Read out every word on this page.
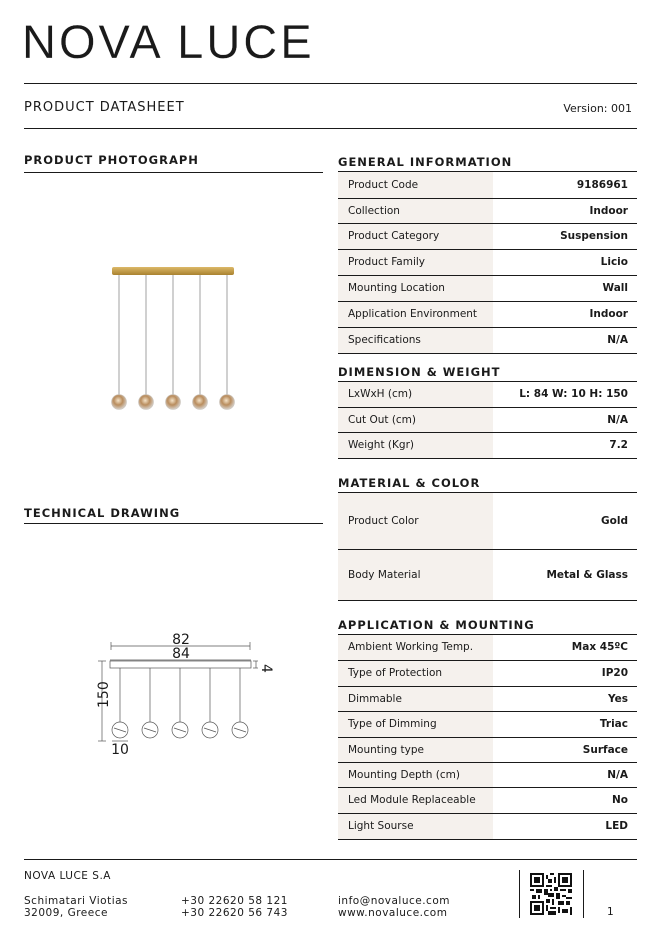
NOVA LUCE
PRODUCT DATASHEET	Version: 001
PRODUCT PHOTOGRAPH
TECHNICAL DRAWING
82
84
4
150
10
GENERAL INFORMATION
Product Code	9186961
Collection	Indoor
Product Category	Suspension
Product Family	Licio
Mounting Location	Wall
Application Environment	Indoor
Specifications	N/A
DIMENSION & WEIGHT
LxWxH (cm)	L: 84 W: 10 H: 150
Cut Out (cm)	N/A
Weight (Kgr)	7.2
MATERIAL & COLOR
Product Color	Gold
Body Material	Metal & Glass
APPLICATION & MOUNTING
Ambient Working Temp.	Max 45ºC
Type of Protection	IP20
Dimmable	Yes
Type of Dimming	Triac
Mounting type	Surface
Mounting Depth (cm)	N/A
Led Module Replaceable	No
Light Sourse	LED
NOVA LUCE S.A
Schimatari Viotias
32009, Greece
+30 22620 58 121
+30 22620 56 743
info@novaluce.com
www.novaluce.com	1
